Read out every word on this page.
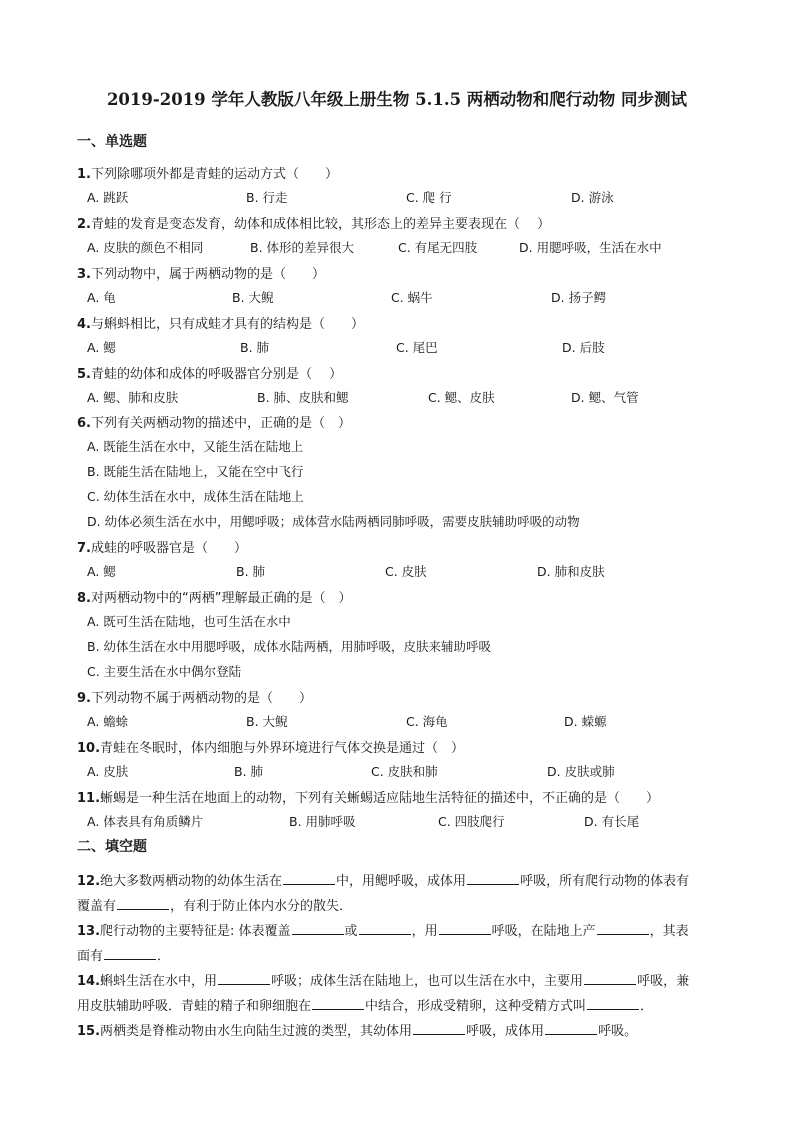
2019-2019 学年人教版八年级上册生物 5.1.5 两栖动物和爬行动物 同步测试
一、单选题
1.下列除哪项外都是青蛙的运动方式（　　）
A. 跳跃	B. 行走	C. 爬 行	D. 游泳
2.青蛙的发育是变态发育，幼体和成体相比较，其形态上的差异主要表现在（　 ）
A. 皮肤的颜色不相同	B. 体形的差异很大	C. 有尾无四肢	D. 用腮呼吸，生活在水中
3.下列动物中，属于两栖动物的是（　　）
A. 龟	B. 大鲵	C. 蜗牛	D. 扬子鳄
4.与蝌蚪相比，只有成蛙才具有的结构是（　　）
A. 鳃	B. 肺	C. 尾巴	D. 后肢
5.青蛙的幼体和成体的呼吸器官分别是（　 ）
A. 鳃、肺和皮肤	B. 肺、皮肤和鳃	C. 鳃、皮肤	D. 鳃、气管
6.下列有关两栖动物的描述中，正确的是（　）
A. 既能生活在水中，又能生活在陆地上
B. 既能生活在陆地上，又能在空中飞行
C. 幼体生活在水中，成体生活在陆地上
D. 幼体必须生活在水中，用鳃呼吸；成体营水陆两栖同肺呼吸，需要皮肤辅助呼吸的动物
7.成蛙的呼吸器官是（　　）
A. 鳃	B. 肺	C. 皮肤	D. 肺和皮肤
8.对两栖动物中的“两栖”理解最正确的是（　）
A. 既可生活在陆地，也可生活在水中
B. 幼体生活在水中用腮呼吸，成体水陆两栖，用肺呼吸，皮肤来辅助呼吸
C. 主要生活在水中偶尔登陆
9.下列动物不属于两栖动物的是（　　）
A. 蟾蜍	B. 大鲵	C. 海龟	D. 蝾螈
10.青蛙在冬眠时，体内细胞与外界环境进行气体交换是通过（　）
A. 皮肤	B. 肺	C. 皮肤和肺	D. 皮肤或肺
11.蜥蜴是一种生活在地面上的动物，下列有关蜥蜴适应陆地生活特征的描述中，不正确的是（　　）
A. 体表具有角质鳞片	B. 用肺呼吸	C. 四肢爬行	D. 有长尾
二、填空题
12.绝大多数两栖动物的幼体生活在	中，用鳃呼吸，成体用	呼吸，所有爬行动物的体表有
覆盖有	，有利于防止体内水分的散失．
13.爬行动物的主要特征是: 体表覆盖	或	，用	呼吸，在陆地上产	，其表
面有	．
14.蝌蚪生活在水中，用	呼吸；成体生活在陆地上，也可以生活在水中，主要用	呼吸，兼
用皮肤辅助呼吸．青蛙的精子和卵细胞在	中结合，形成受精卵，这种受精方式叫	．
15.两栖类是脊椎动物由水生向陆生过渡的类型，其幼体用	呼吸，成体用	呼吸。
